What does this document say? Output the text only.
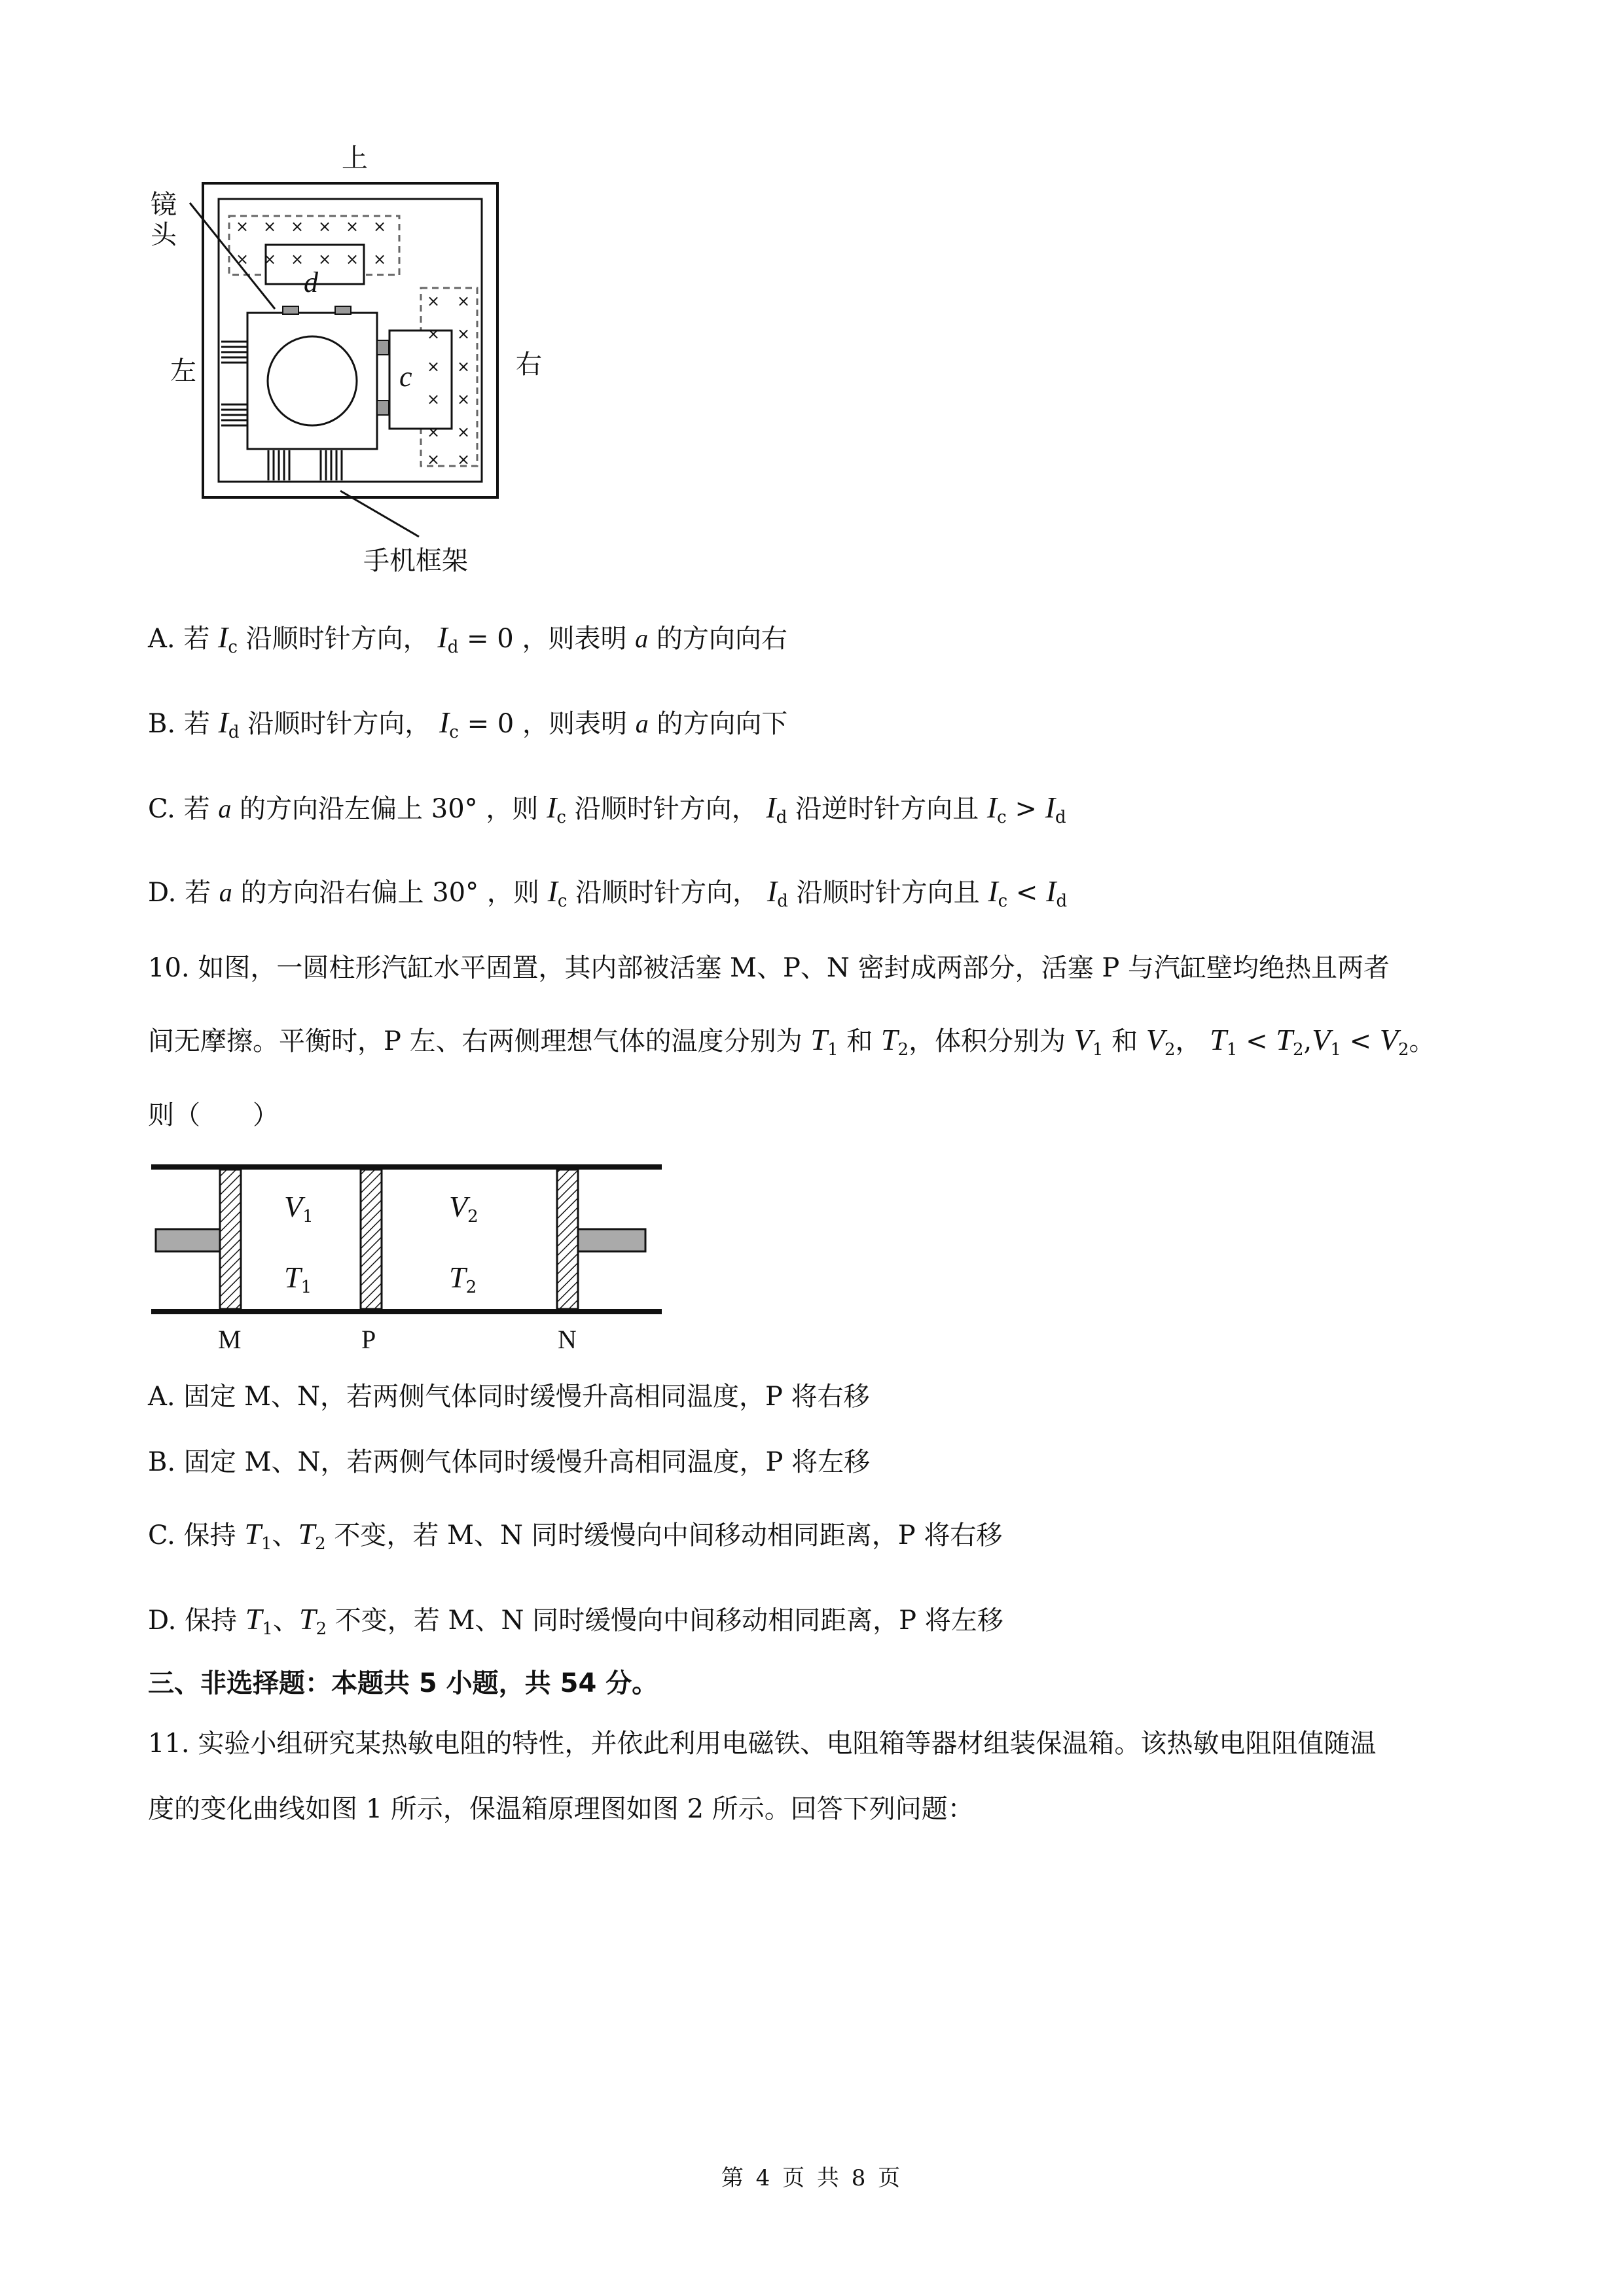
× × × × × ×
× × × × × ×
× ×
× ×
× ×
× ×
× ×
× ×
上
镜
头
左	右
d
c
手机框架
A. 若 $I_c$ 沿顺时针方向， $I_d = 0$ ，则表明 a 的方向向右
B. 若 $I_d$ 沿顺时针方向， $I_c = 0$ ，则表明 a 的方向向下
C. 若 a 的方向沿左偏上 30° ，则 $I_c$ 沿顺时针方向， $I_d$ 沿逆时针方向且 $I_c > I_d$
D. 若 a 的方向沿右偏上 30° ，则 $I_c$ 沿顺时针方向， $I_d$ 沿顺时针方向且 $I_c < I_d$
10. 如图，一圆柱形汽缸水平固置，其内部被活塞 M、P、N 密封成两部分，活塞 P 与汽缸壁均绝热且两者
间无摩擦。平衡时，P 左、右两侧理想气体的温度分别为 $T_1$ 和 $T_2$，体积分别为 $V_1$ 和 $V_2$， $T_1 < T_2,V_1 < V_2$。
则（　　）
$V_1$	$V_2$
$T_1$	$T_2$
M	P	N
A. 固定 M、N，若两侧气体同时缓慢升高相同温度，P 将右移
B. 固定 M、N，若两侧气体同时缓慢升高相同温度，P 将左移
C. 保持 $T_1$、$T_2$ 不变，若 M、N 同时缓慢向中间移动相同距离，P 将右移
D. 保持 $T_1$、$T_2$ 不变，若 M、N 同时缓慢向中间移动相同距离，P 将左移
三、非选择题：本题共 5 小题，共 54 分。
11. 实验小组研究某热敏电阻的特性，并依此利用电磁铁、电阻箱等器材组装保温箱。该热敏电阻阻值随温
度的变化曲线如图 1 所示，保温箱原理图如图 2 所示。回答下列问题：
第 4 页 共 8 页
